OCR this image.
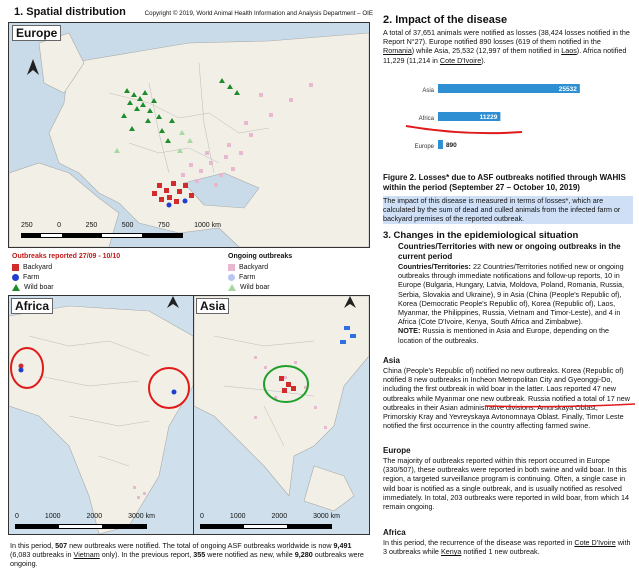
1. Spatial distribution
Europe
250	0	250	500	750	1000 km
Copyright © 2019, World Animal Health Information and Analysis Department – OIE
Outbreaks reported 27/09 - 10/10
Backyard
Farm
Wild boar
Ongoing outbreaks
Backyard
Farm
Wild boar
Africa
0	1000	2000	3000 km
Asia
0	1000	2000	3000 km
In this period, 507 new outbreaks were notified. The total of ongoing ASF outbreaks worldwide is now 9,491 (6,083 outbreaks in Vietnam only). In the previous report, 355 were notified as new, while 9,280 outbreaks were ongoing.
2. Impact of the disease
A total of 37,651 animals were notified as losses (38,424 losses notified in the Report N°27). Europe notified 890 losses (619 of them notified in the Romania) while Asia, 25,532 (12,997 of them notified in Laos). Africa notified 11,229 (11,214 in Cote D'Ivoire).
Asia	25532
Africa	11229
Europe 890
Figure 2. Losses* due to ASF outbreaks notified through WAHIS within the period (September 27 – October 10, 2019)
The impact of this disease is measured in terms of losses*, which are calculated by the sum of dead and culled animals from the infected farm or backyard premises of the reported outbreak.
3. Changes in the epidemiological situation
Countries/Territories with new or ongoing outbreaks in the current period
Countries/Territories: 22 Countries/Territories notified new or ongoing outbreaks through immediate notifications and follow-up reports, 10 in Europe (Bulgaria, Hungary, Latvia, Moldova, Poland, Romania, Russia, Serbia, Slovakia and Ukraine), 9 in Asia (China (People's Republic of), Korea (Democratic People's Republic of), Korea (Republic of), Laos, Myanmar, the Philippines, Russia, Vietnam and Timor-Leste), and 4 in Africa (Cote D'Ivoire, Kenya, South Africa and Zimbabwe).
NOTE: Russia is mentioned in Asia and Europe, depending on the location of the outbreaks.
Asia
China (People's Republic of) notified no new outbreaks. Korea (Republic of) notified 8 new outbreaks in Incheon Metropolitan City and Gyeonggi-Do, including the first outbreak in wild boar in the latter. Laos reported 47 new outbreaks while Myanmar one new outbreak. Russia notified a total of 17 new outbreaks in their Asian administrative divisions: Amurskaya Oblast, Primorskiy Kray and Yevreyskaya Avtonomnaya Oblast. Finally, Timor Leste notified the first occurrence in the country affecting farmed swine.
Europe
The majority of outbreaks reported within this report occurred in Europe (330/507), these outbreaks were reported in both swine and wild boar. In this region, a targeted surveillance program is continuing. Often, a single case in wild boar is notified as a single outbreak, and is usually notified as resolved immediately. In total, 203 outbreaks were reported in wild boar, from which 14 remain ongoing.
Africa
In this period, the recurrence of the disease was reported in Cote D'Ivoire with 3 outbreaks while Kenya notified 1 new outbreak.
